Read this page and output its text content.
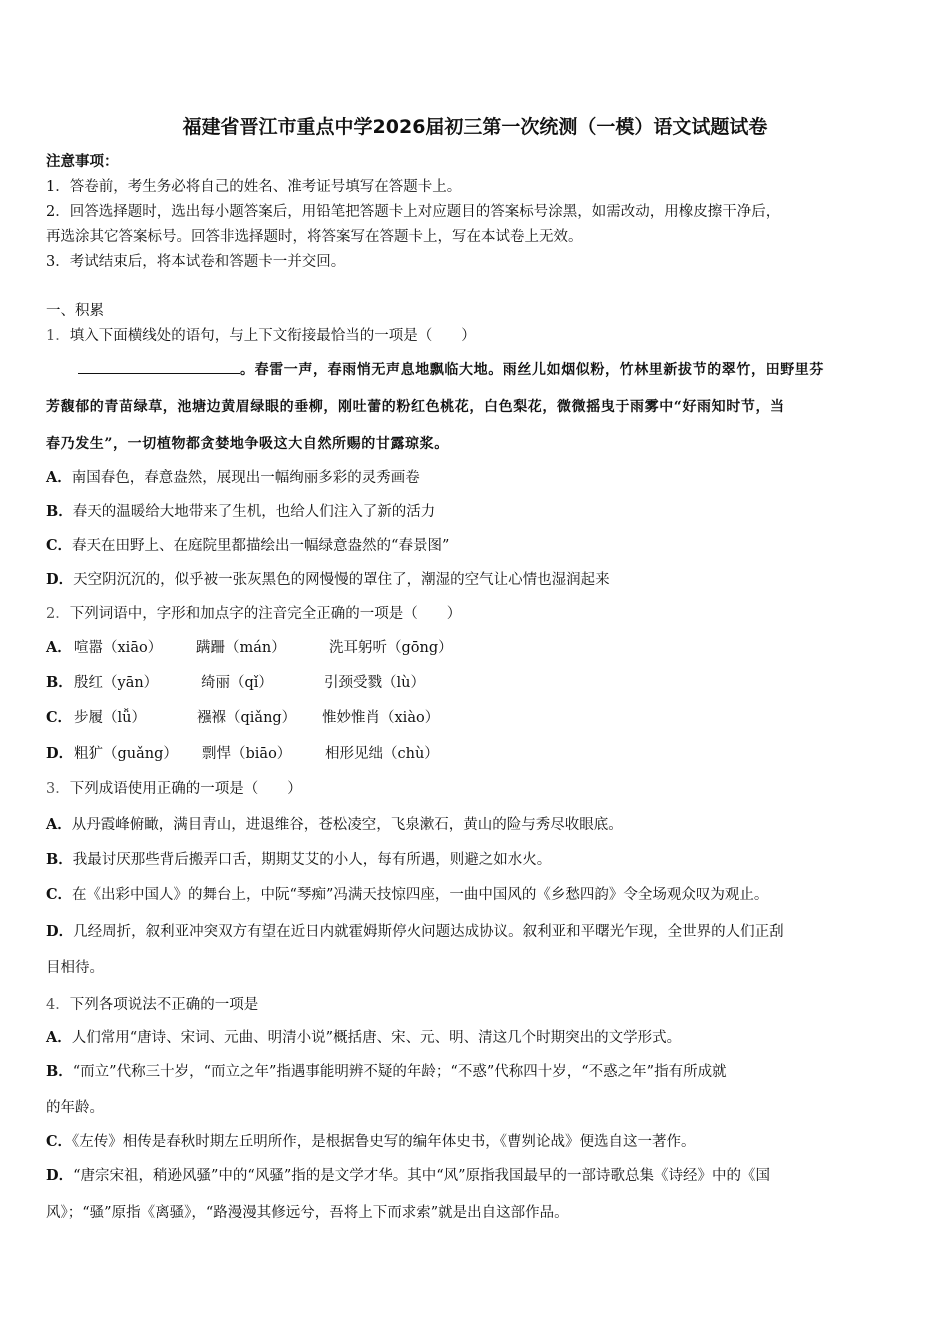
福建省晋江市重点中学2026届初三第一次统测（一模）语文试题试卷
注意事项：
1．答卷前，考生务必将自己的姓名、准考证号填写在答题卡上。
2．回答选择题时，选出每小题答案后，用铅笔把答题卡上对应题目的答案标号涂黑，如需改动，用橡皮擦干净后，
再选涂其它答案标号。回答非选择题时，将答案写在答题卡上，写在本试卷上无效。
3．考试结束后，将本试卷和答题卡一并交回。
一、积累
1．填入下面横线处的语句，与上下文衔接最恰当的一项是（　　）
。春雷一声，春雨悄无声息地飘临大地。雨丝儿如烟似粉，竹林里新拔节的翠竹，田野里芬
芳馥郁的青苗绿草，池塘边黄眉绿眼的垂柳，刚吐蕾的粉红色桃花，白色梨花，微微摇曳于雨雾中“好雨知时节，当
春乃发生”，一切植物都贪婪地争吸这大自然所赐的甘露琼浆。
A．南国春色，春意盎然，展现出一幅绚丽多彩的灵秀画卷
B．春天的温暖给大地带来了生机，也给人们注入了新的活力
C．春天在田野上、在庭院里都描绘出一幅绿意盎然的“春景图”
D．天空阴沉沉的，似乎被一张灰黑色的网慢慢的罩住了，潮湿的空气让心情也湿润起来
2．下列词语中，字形和加点字的注音完全正确的一项是（　　）
A． 喧嚣（xiāo） 蹒跚（mán）	洗耳躬听（gōng）
B． 殷红（yān）	绮丽（qǐ）	引颈受戮（lù）
C． 步履（lǚ）	襁褓（qiǎng） 惟妙惟肖（xiào）
D． 粗犷（guǎng） 剽悍（biāo） 相形见绌（chù）
3．下列成语使用正确的一项是（　　）
A．从丹霞峰俯瞰，满目青山，进退维谷，苍松凌空，飞泉漱石，黄山的险与秀尽收眼底。
B．我最讨厌那些背后搬弄口舌，期期艾艾的小人，每有所遇，则避之如水火。
C．在《出彩中国人》的舞台上，中阮“琴痴”冯满天技惊四座，一曲中国风的《乡愁四韵》令全场观众叹为观止。
D．几经周折，叙利亚冲突双方有望在近日内就霍姆斯停火问题达成协议。叙利亚和平曙光乍现，全世界的人们正刮
目相待。
4．下列各项说法不正确的一项是
A．人们常用“唐诗、宋词、元曲、明清小说”概括唐、宋、元、明、清这几个时期突出的文学形式。
B．“而立”代称三十岁，“而立之年”指遇事能明辨不疑的年龄；“不惑”代称四十岁，“不惑之年”指有所成就
的年龄。
C．《左传》相传是春秋时期左丘明所作，是根据鲁史写的编年体史书，《曹刿论战》便选自这一著作。
D．“唐宗宋祖，稍逊风骚”中的“风骚”指的是文学才华。其中“风”原指我国最早的一部诗歌总集《诗经》中的《国
风》；“骚”原指《离骚》，“路漫漫其修远兮，吾将上下而求索”就是出自这部作品。
